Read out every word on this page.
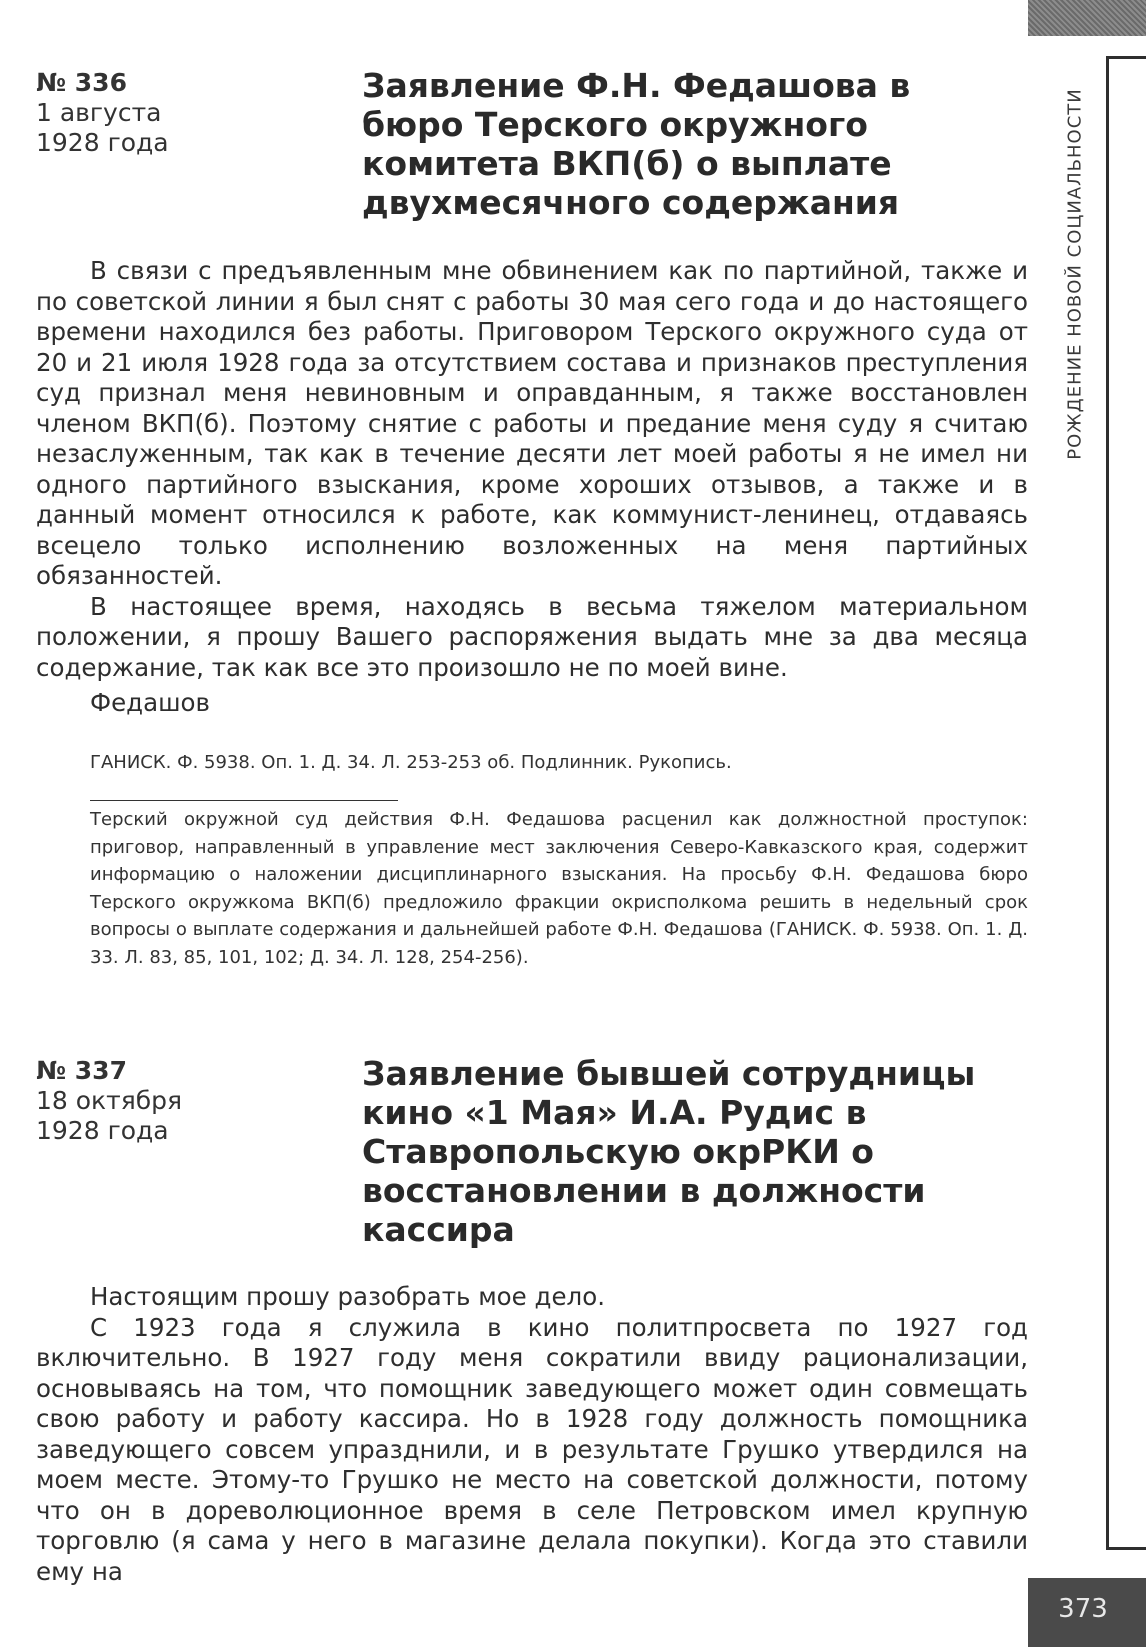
РОЖДЕНИЕ НОВОЙ СОЦИАЛЬНОСТИ
№ 336
1 августа
1928 года
Заявление Ф.Н. Федашова в бюро Терского окружного комитета ВКП(б) о выплате двухмесячного содержания

В связи с предъявленным мне обвинением как по партийной, также и по советской линии я был снят с работы 30 мая сего года и до настоящего времени находился без работы. Приговором Терского окружного суда от 20 и 21 июля 1928 года за отсутствием состава и признаков преступления суд признал меня невиновным и оправданным, я также восстановлен членом ВКП(б). Поэтому снятие с работы и предание меня суду я считаю незаслуженным, так как в течение десяти лет моей работы я не имел ни одного партийного взыскания, кроме хороших отзывов, а также и в данный момент относился к работе, как коммунист-ленинец, отдаваясь всецело только исполнению возложенных на меня партийных обязанностей.

В настоящее время, находясь в весьма тяжелом материальном положении, я прошу Вашего распоряжения выдать мне за два месяца содержание, так как все это произошло не по моей вине.

Федашов
ГАНИСК. Ф. 5938. Оп. 1. Д. 34. Л. 253-253 об. Подлинник. Рукопись.

Терский окружной суд действия Ф.Н. Федашова расценил как должностной проступок: приговор, направленный в управление мест заключения Северо-Кавказского края, содержит информацию о наложении дисциплинарного взыскания. На просьбу Ф.Н. Федашова бюро Терского окружкома ВКП(б) предложило фракции окрисполкома решить в недельный срок вопросы о выплате содержания и дальнейшей работе Ф.Н. Федашова (ГАНИСК. Ф. 5938. Оп. 1. Д. 33. Л. 83, 85, 101, 102; Д. 34. Л. 128, 254-256).

№ 337
18 октября
1928 года
Заявление бывшей сотрудницы кино «1 Мая» И.А. Рудис в Ставропольскую окрРКИ о восстановлении в должности кассира

Настоящим прошу разобрать мое дело.

С 1923 года я служила в кино политпросвета по 1927 год включительно. В 1927 году меня сократили ввиду рационализации, основываясь на том, что помощник заведующего может один совмещать свою работу и работу кассира. Но в 1928 году должность помощника заведующего совсем упразднили, и в результате Грушко утвердился на моем месте. Этому-то Грушко не место на советской должности, потому что он в дореволюционное время в селе Петровском имел крупную торговлю (я сама у него в магазине делала покупки). Когда это ставили ему на

373
